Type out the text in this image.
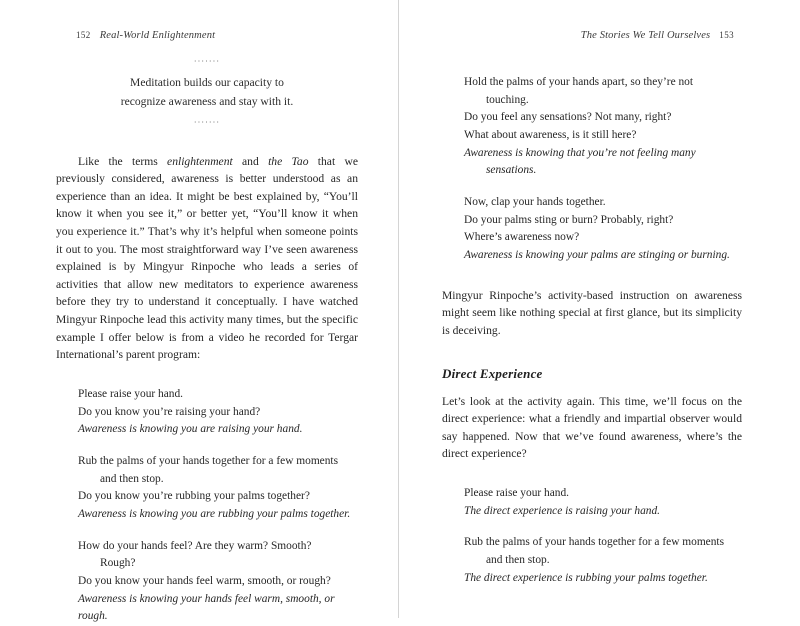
152 Real-World Enlightenment
·······
Meditation builds our capacity to
recognize awareness and stay with it.
·······

Like the terms enlightenment and the Tao that we previously considered, awareness is better understood as an experience than an idea. It might be best explained by, “You’ll know it when you see it,” or better yet, “You’ll know it when you experience it.” That’s why it’s helpful when someone points it out to you. The most straightforward way I’ve seen awareness explained is by Mingyur Rinpoche who leads a series of activities that allow new meditators to experience awareness before they try to understand it conceptually. I have watched Mingyur Rinpoche lead this activity many times, but the specific example I offer below is from a video he recorded for Tergar International’s parent program:

Please raise your hand.
Do you know you’re raising your hand?
Awareness is knowing you are raising your hand.
Rub the palms of your hands together for a few moments
and then stop.
Do you know you’re rubbing your palms together?
Awareness is knowing you are rubbing your palms together.
How do your hands feel? Are they warm? Smooth?
Rough?
Do you know your hands feel warm, smooth, or rough?
Awareness is knowing your hands feel warm, smooth, or rough.
The Stories We Tell Ourselves 153
Hold the palms of your hands apart, so they’re not
touching.
Do you feel any sensations? Not many, right?
What about awareness, is it still here?
Awareness is knowing that you’re not feeling many
sensations.
Now, clap your hands together.
Do your palms sting or burn? Probably, right?
Where’s awareness now?
Awareness is knowing your palms are stinging or burning.

Mingyur Rinpoche’s activity-based instruction on awareness might seem like nothing special at first glance, but its simplicity is deceiving.

Direct Experience

Let’s look at the activity again. This time, we’ll focus on the direct experience: what a friendly and impartial observer would say happened. Now that we’ve found awareness, where’s the direct experience?

Please raise your hand.
The direct experience is raising your hand.
Rub the palms of your hands together for a few moments
and then stop.
The direct experience is rubbing your palms together.
